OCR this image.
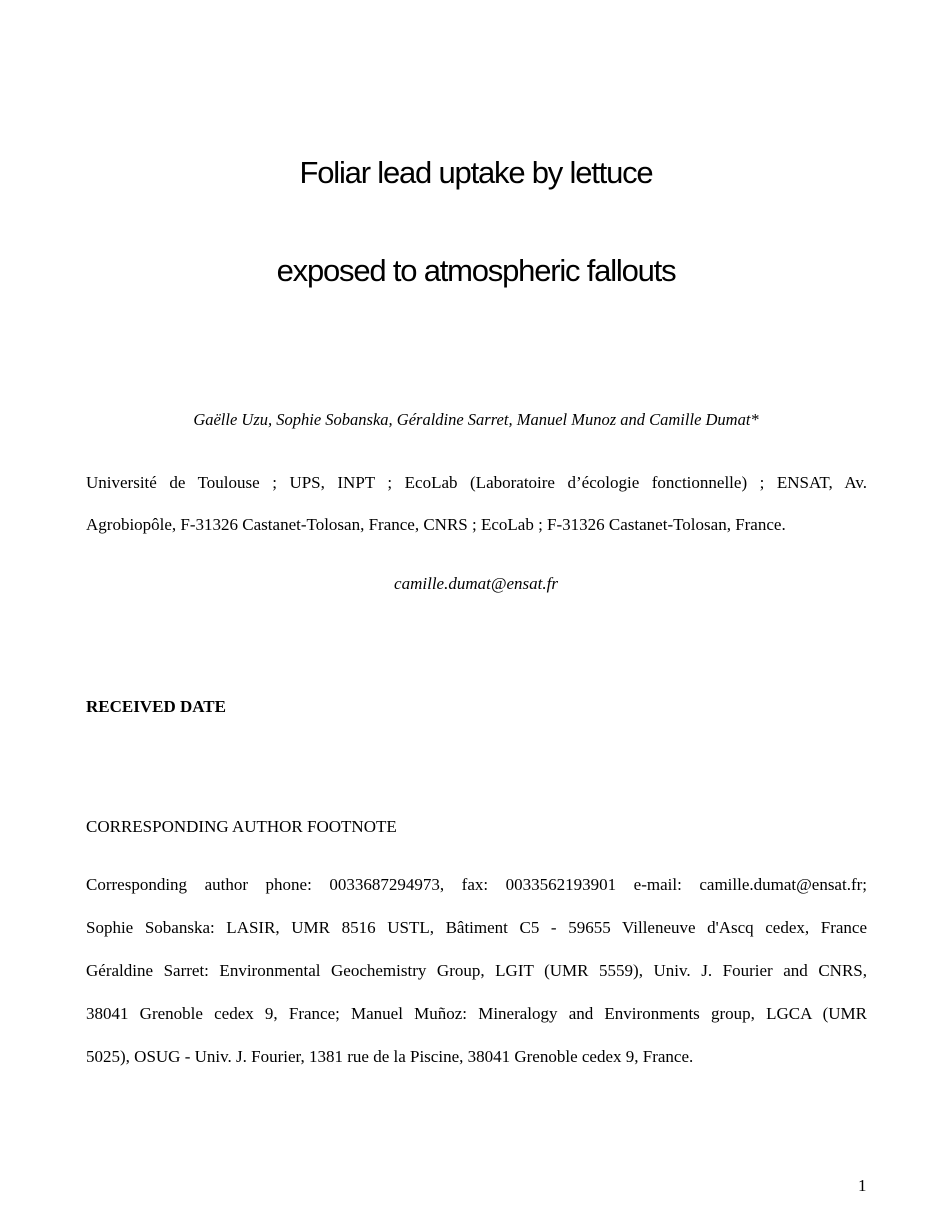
Foliar lead uptake by lettuce
exposed to atmospheric fallouts
Gaëlle Uzu, Sophie Sobanska, Géraldine Sarret, Manuel Munoz and Camille Dumat*
Université de Toulouse ; UPS, INPT ; EcoLab (Laboratoire d’écologie fonctionnelle) ; ENSAT, Av.
Agrobiopôle, F-31326 Castanet-Tolosan, France, CNRS ; EcoLab ; F-31326 Castanet-Tolosan, France.
camille.dumat@ensat.fr
RECEIVED DATE
CORRESPONDING AUTHOR FOOTNOTE
Corresponding author phone: 0033687294973, fax: 0033562193901 e-mail: camille.dumat@ensat.fr;
Sophie Sobanska: LASIR, UMR 8516 USTL, Bâtiment C5 - 59655 Villeneuve d'Ascq cedex, France
Géraldine Sarret: Environmental Geochemistry Group, LGIT (UMR 5559), Univ. J. Fourier and CNRS,
38041 Grenoble cedex 9, France; Manuel Muñoz: Mineralogy and Environments group, LGCA (UMR
5025), OSUG - Univ. J. Fourier, 1381 rue de la Piscine, 38041 Grenoble cedex 9, France.
1
